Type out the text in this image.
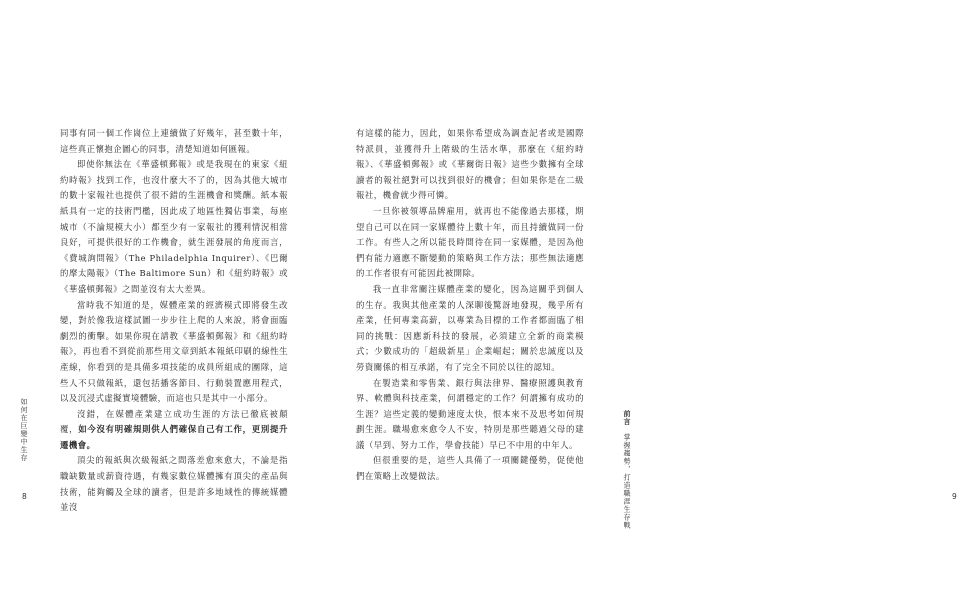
同事有同一個工作崗位上連續做了好幾年，甚至數十年，這些真正懷抱企圖心的同事，清楚知道如何匯報。

即使你無法在《華盛頓郵報》或是我現在的東家《紐約時報》找到工作，也沒什麼大不了的，因為其他大城市的數十家報社也提供了很不錯的生涯機會和獎酬。紙本報紙具有一定的技術門檻，因此成了地區性獨佔事業，每座城市（不論規模大小）都至少有一家報社的獲利情況相當良好，可提供很好的工作機會，就生涯發展的角度而言，《費城詢問報》（The Philadelphia Inquirer）、《巴爾的摩太陽報》（The Baltimore Sun）和《紐約時報》或《華盛頓郵報》之間並沒有太大差異。

當時我不知道的是，媒體產業的經濟模式即將發生改變，對於像我這樣試圖一步步往上爬的人來說，將會面臨劇烈的衝擊。如果你現在請教《華盛頓郵報》和《紐約時報》，再也看不到從前那些用文章到紙本報紙印刷的線性生產線，你看到的是具備多項技能的成員所組成的團隊，這些人不只做報紙，還包括播客節目、行動裝置應用程式，以及沉浸式虛擬實境體驗，而這也只是其中一小部分。

沒錯，在媒體產業建立成功生涯的方法已徹底被顛覆，如今沒有明確規則供人們確保自己有工作，更別提升遷機會。

頂尖的報紙與次級報紙之間落差愈來愈大，不論是指職缺數量或薪資待遇，有幾家數位媒體擁有頂尖的產品與技術，能夠觸及全球的讀者，但是許多地域性的傳統媒體並沒

如何在巨變中生存
8

有這樣的能力，因此，如果你希望成為調查記者或是國際特派員，並獲得升上階級的生活水準，那麼在《紐約時報》、《華盛頓郵報》或《華爾街日報》這些少數擁有全球讀者的報社絕對可以找到很好的機會；但如果你是在二級報社，機會就少得可憐。

一旦你被領導品牌雇用，就再也不能像過去那樣，期望自己可以在同一家媒體待上數十年，而且持續做同一份工作。有些人之所以能長時間待在同一家媒體，是因為他們有能力適應不斷變動的策略與工作方法；那些無法適應的工作者很有可能因此被開除。

我一直非常關注媒體產業的變化，因為這關乎到個人的生存。我與其他產業的人深聊後驚訝地發現，幾乎所有產業，任何專業高薪，以專業為目標的工作者都面臨了相同的挑戰：因應新科技的發展，必須建立全新的商業模式；少數成功的「超級新星」企業崛起；關於忠誠度以及勞資關係的相互承諾，有了完全不同於以往的認知。

在製造業和零售業、銀行與法律界、醫療照護與教育界、軟體與科技產業，何謂穩定的工作？何謂擁有成功的生涯？這些定義的變動速度太快，恨本來不及思考如何規劃生涯。職場愈來愈令人不安，特別是那些聽過父母的建議（早到、努力工作，學會技能）早已不中用的中年人。

但很重要的是，這些人具備了一項關鍵優勢，促使他們在策略上改變做法。

前言 掌握趨勢，打造職涯生存戰	9
